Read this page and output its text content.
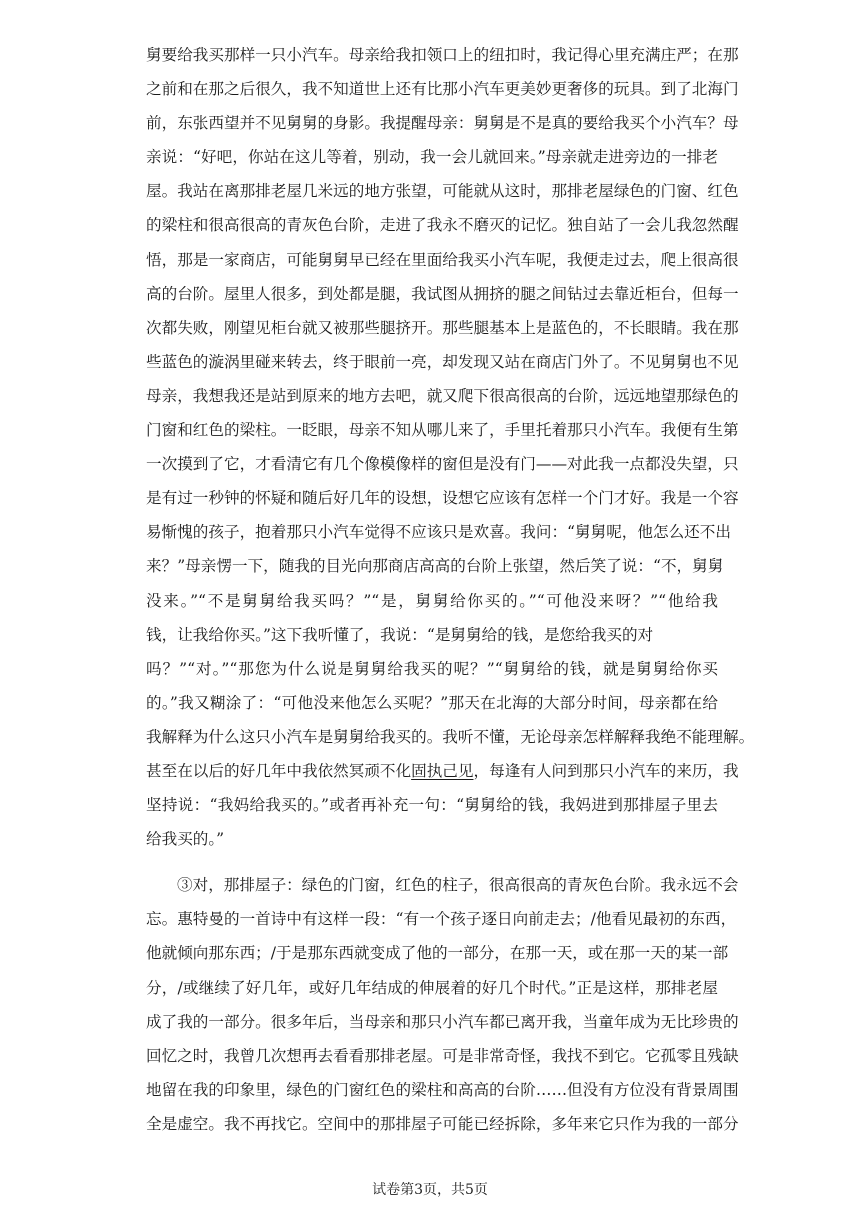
舅要给我买那样一只小汽车。母亲给我扣领口上的纽扣时，我记得心里充满庄严；在那
之前和在那之后很久，我不知道世上还有比那小汽车更美妙更奢侈的玩具。到了北海门
前，东张西望并不见舅舅的身影。我提醒母亲：舅舅是不是真的要给我买个小汽车？母
亲说：“好吧，你站在这儿等着，别动，我一会儿就回来。”母亲就走进旁边的一排老
屋。我站在离那排老屋几米远的地方张望，可能就从这时，那排老屋绿色的门窗、红色
的梁柱和很高很高的青灰色台阶，走进了我永不磨灭的记忆。独自站了一会儿我忽然醒
悟，那是一家商店，可能舅舅早已经在里面给我买小汽车呢，我便走过去，爬上很高很
高的台阶。屋里人很多，到处都是腿，我试图从拥挤的腿之间钻过去靠近柜台，但每一
次都失败，刚望见柜台就又被那些腿挤开。那些腿基本上是蓝色的，不长眼睛。我在那
些蓝色的漩涡里碰来转去，终于眼前一亮，却发现又站在商店门外了。不见舅舅也不见
母亲，我想我还是站到原来的地方去吧，就又爬下很高很高的台阶，远远地望那绿色的
门窗和红色的梁柱。一眨眼，母亲不知从哪儿来了，手里托着那只小汽车。我便有生第
一次摸到了它，才看清它有几个像模像样的窗但是没有门——对此我一点都没失望，只
是有过一秒钟的怀疑和随后好几年的设想，设想它应该有怎样一个门才好。我是一个容
易惭愧的孩子，抱着那只小汽车觉得不应该只是欢喜。我问：“舅舅呢，他怎么还不出
来？”母亲愣一下，随我的目光向那商店高高的台阶上张望，然后笑了说：“不，舅舅
没来。”“不是舅舅给我买吗？”“是，舅舅给你买的。”“可他没来呀？”“他给我
钱，让我给你买。”这下我听懂了，我说：“是舅舅给的钱，是您给我买的对
吗？”“对。”“那您为什么说是舅舅给我买的呢？”“舅舅给的钱，就是舅舅给你买
的。”我又糊涂了：“可他没来他怎么买呢？”那天在北海的大部分时间，母亲都在给
我解释为什么这只小汽车是舅舅给我买的。我听不懂，无论母亲怎样解释我绝不能理解。
甚至在以后的好几年中我依然冥顽不化固执己见，每逢有人问到那只小汽车的来历，我
坚持说：“我妈给我买的。”或者再补充一句：“舅舅给的钱，我妈进到那排屋子里去
给我买的。”
③对，那排屋子：绿色的门窗，红色的柱子，很高很高的青灰色台阶。我永远不会
忘。惠特曼的一首诗中有这样一段：“有一个孩子逐日向前走去；/他看见最初的东西，
他就倾向那东西；/于是那东西就变成了他的一部分，在那一天，或在那一天的某一部
分，/或继续了好几年，或好几年结成的伸展着的好几个时代。”正是这样，那排老屋
成了我的一部分。很多年后，当母亲和那只小汽车都已离开我，当童年成为无比珍贵的
回忆之时，我曾几次想再去看看那排老屋。可是非常奇怪，我找不到它。它孤零且残缺
地留在我的印象里，绿色的门窗红色的梁柱和高高的台阶……但没有方位没有背景周围
全是虚空。我不再找它。空间中的那排屋子可能已经拆除，多年来它只作为我的一部分
试卷第3页，共5页
